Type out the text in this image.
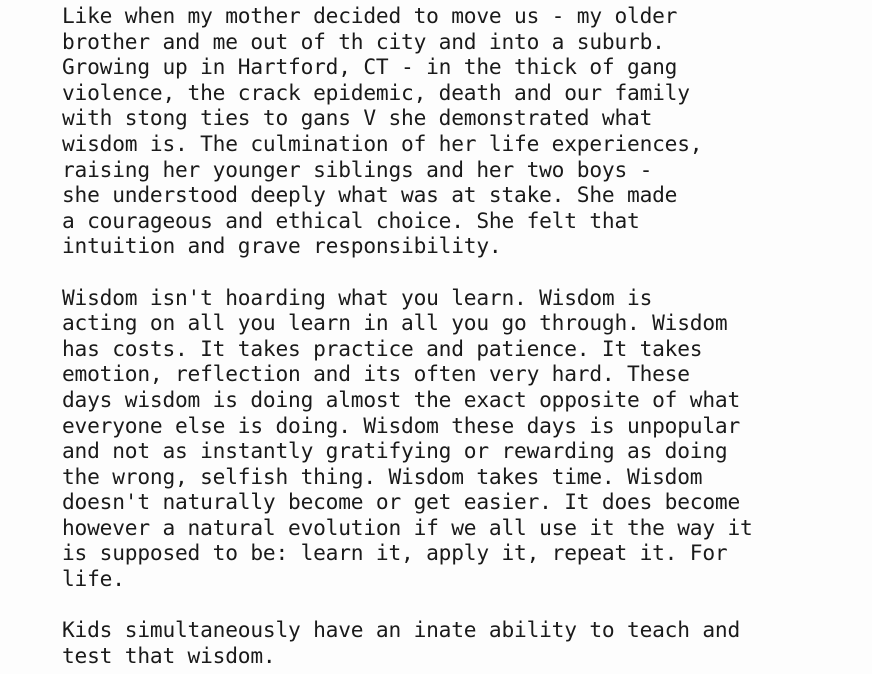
Like when my mother decided to move us - my older
brother and me out of th city and into a suburb.
Growing up in Hartford, CT - in the thick of gang
violence, the crack epidemic, death and our family
with stong ties to gans V she demonstrated what
wisdom is. The culmination of her life experiences,
raising her younger siblings and her two boys -
she understood deeply what was at stake. She made
a courageous and ethical choice. She felt that
intuition and grave responsibility.
Wisdom isn't hoarding what you learn. Wisdom is
acting on all you learn in all you go through. Wisdom
has costs. It takes practice and patience. It takes
emotion, reflection and its often very hard. These
days wisdom is doing almost the exact opposite of what
everyone else is doing. Wisdom these days is unpopular
and not as instantly gratifying or rewarding as doing
the wrong, selfish thing. Wisdom takes time. Wisdom
doesn't naturally become or get easier. It does become
however a natural evolution if we all use it the way it
is supposed to be: learn it, apply it, repeat it. For
life.
Kids simultaneously have an inate ability to teach and
test that wisdom.
